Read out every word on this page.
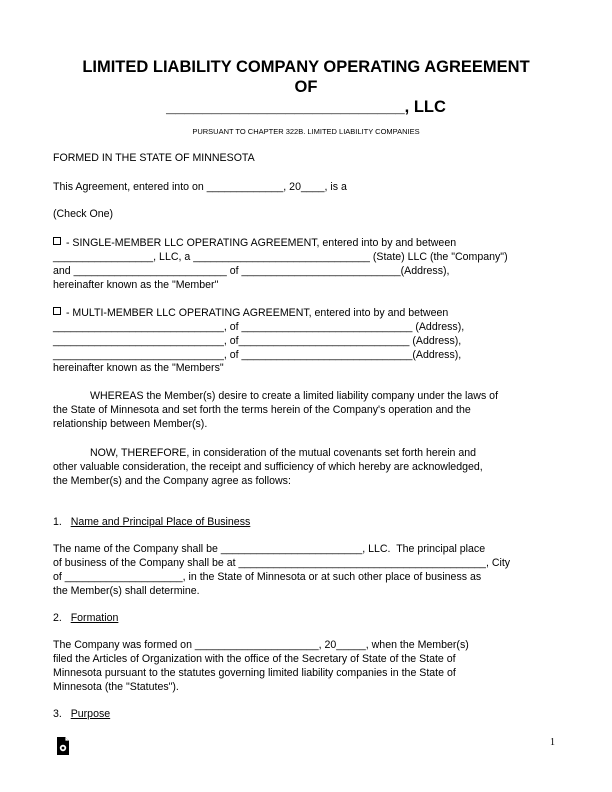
LIMITED LIABILITY COMPANY OPERATING AGREEMENT
OF
__________________________, LLC
PURSUANT TO CHAPTER 322B. LIMITED LIABILITY COMPANIES
FORMED IN THE STATE OF MINNESOTA
This Agreement, entered into on _____________, 20____, is a
(Check One)
- SINGLE-MEMBER LLC OPERATING AGREEMENT, entered into by and between
_________________, LLC, a ______________________________ (State) LLC (the "Company")
and __________________________ of ___________________________(Address),
hereinafter known as the "Member"
- MULTI-MEMBER LLC OPERATING AGREEMENT, entered into by and between
_____________________________, of _____________________________ (Address),
_____________________________, of_____________________________ (Address),
_____________________________, of _____________________________(Address),
hereinafter known as the "Members"
WHEREAS the Member(s) desire to create a limited liability company under the laws of
the State of Minnesota and set forth the terms herein of the Company's operation and the
relationship between Member(s).
NOW, THEREFORE, in consideration of the mutual covenants set forth herein and
other valuable consideration, the receipt and sufficiency of which hereby are acknowledged,
the Member(s) and the Company agree as follows:
1. Name and Principal Place of Business
The name of the Company shall be ________________________, LLC.  The principal place
of business of the Company shall be at __________________________________________, City
of ____________________, in the State of Minnesota or at such other place of business as
the Member(s) shall determine.
2. Formation
The Company was formed on _____________________, 20_____, when the Member(s)
filed the Articles of Organization with the office of the Secretary of State of the State of
Minnesota pursuant to the statutes governing limited liability companies in the State of
Minnesota (the "Statutes").
3. Purpose
1
